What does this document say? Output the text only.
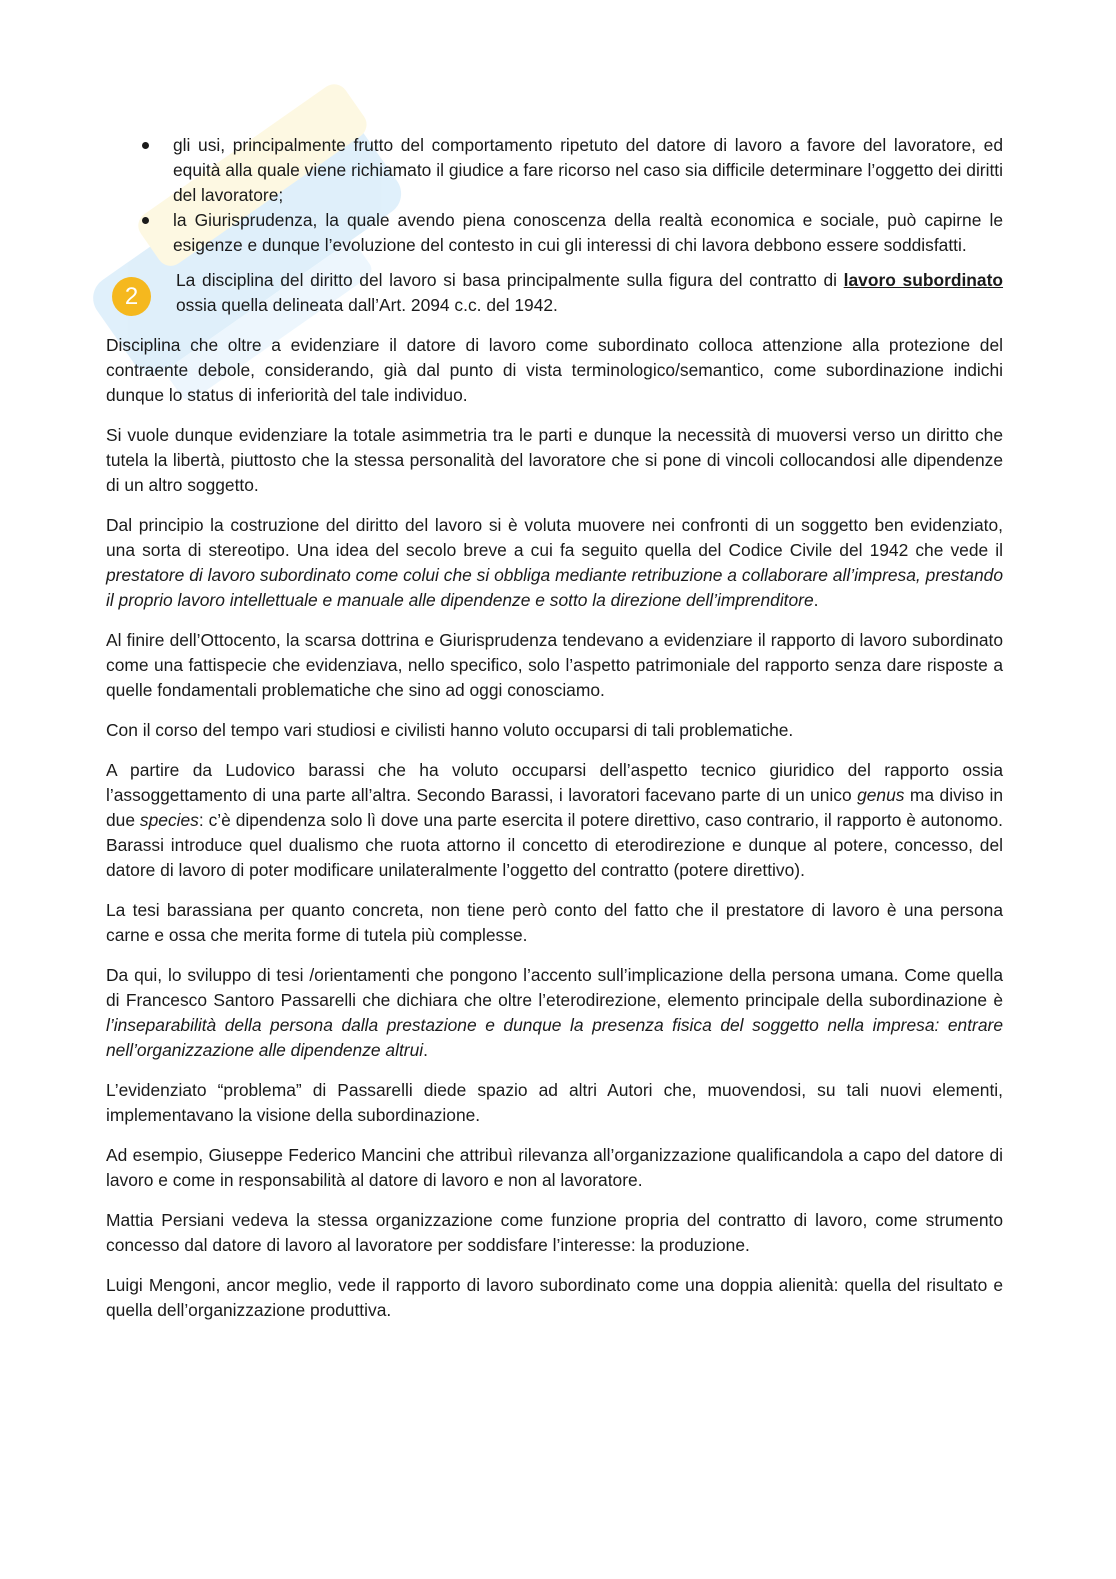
gli usi, principalmente frutto del comportamento ripetuto del datore di lavoro a favore del lavoratore, ed equità alla quale viene richiamato il giudice a fare ricorso nel caso sia difficile determinare l’oggetto dei diritti del lavoratore;
la Giurisprudenza, la quale avendo piena conoscenza della realtà economica e sociale, può capirne le esigenze e dunque l’evoluzione del contesto in cui gli interessi di chi lavora debbono essere soddisfatti.
2

La disciplina del diritto del lavoro si basa principalmente sulla figura del contratto di lavoro subordinato ossia quella delineata dall’Art. 2094 c.c. del 1942.

Disciplina che oltre a evidenziare il datore di lavoro come subordinato colloca attenzione alla protezione del contraente debole, considerando, già dal punto di vista terminologico/semantico, come subordinazione indichi dunque lo status di inferiorità del tale individuo.

Si vuole dunque evidenziare la totale asimmetria tra le parti e dunque la necessità di muoversi verso un diritto che tutela la libertà, piuttosto che la stessa personalità del lavoratore che si pone di vincoli collocandosi alle dipendenze di un altro soggetto.

Dal principio la costruzione del diritto del lavoro si è voluta muovere nei confronti di un soggetto ben evidenziato, una sorta di stereotipo. Una idea del secolo breve a cui fa seguito quella del Codice Civile del 1942 che vede il prestatore di lavoro subordinato come colui che si obbliga mediante retribuzione a collaborare all’impresa, prestando il proprio lavoro intellettuale e manuale alle dipendenze e sotto la direzione dell’imprenditore.

Al finire dell’Ottocento, la scarsa dottrina e Giurisprudenza tendevano a evidenziare il rapporto di lavoro subordinato come una fattispecie che evidenziava, nello specifico, solo l’aspetto patrimoniale del rapporto senza dare risposte a quelle fondamentali problematiche che sino ad oggi conosciamo.

Con il corso del tempo vari studiosi e civilisti hanno voluto occuparsi di tali problematiche.

A partire da Ludovico barassi che ha voluto occuparsi dell’aspetto tecnico giuridico del rapporto ossia l’assoggettamento di una parte all’altra. Secondo Barassi, i lavoratori facevano parte di un unico genus ma diviso in due species: c’è dipendenza solo lì dove una parte esercita il potere direttivo, caso contrario, il rapporto è autonomo. Barassi introduce quel dualismo che ruota attorno il concetto di eterodirezione e dunque al potere, concesso, del datore di lavoro di poter modificare unilateralmente l’oggetto del contratto (potere direttivo).

La tesi barassiana per quanto concreta, non tiene però conto del fatto che il prestatore di lavoro è una persona carne e ossa che merita forme di tutela più complesse.

Da qui, lo sviluppo di tesi /orientamenti che pongono l’accento sull’implicazione della persona umana. Come quella di Francesco Santoro Passarelli che dichiara che oltre l’eterodirezione, elemento principale della subordinazione è l’inseparabilità della persona dalla prestazione e dunque la presenza fisica del soggetto nella impresa: entrare nell’organizzazione alle dipendenze altrui.

L’evidenziato “problema” di Passarelli diede spazio ad altri Autori che, muovendosi, su tali nuovi elementi, implementavano la visione della subordinazione.

Ad esempio, Giuseppe Federico Mancini che attribuì rilevanza all’organizzazione qualificandola a capo del datore di lavoro e come in responsabilità al datore di lavoro e non al lavoratore.

Mattia Persiani vedeva la stessa organizzazione come funzione propria del contratto di lavoro, come strumento concesso dal datore di lavoro al lavoratore per soddisfare l’interesse: la produzione.

Luigi Mengoni, ancor meglio, vede il rapporto di lavoro subordinato come una doppia alienità: quella del risultato e quella dell’organizzazione produttiva.
